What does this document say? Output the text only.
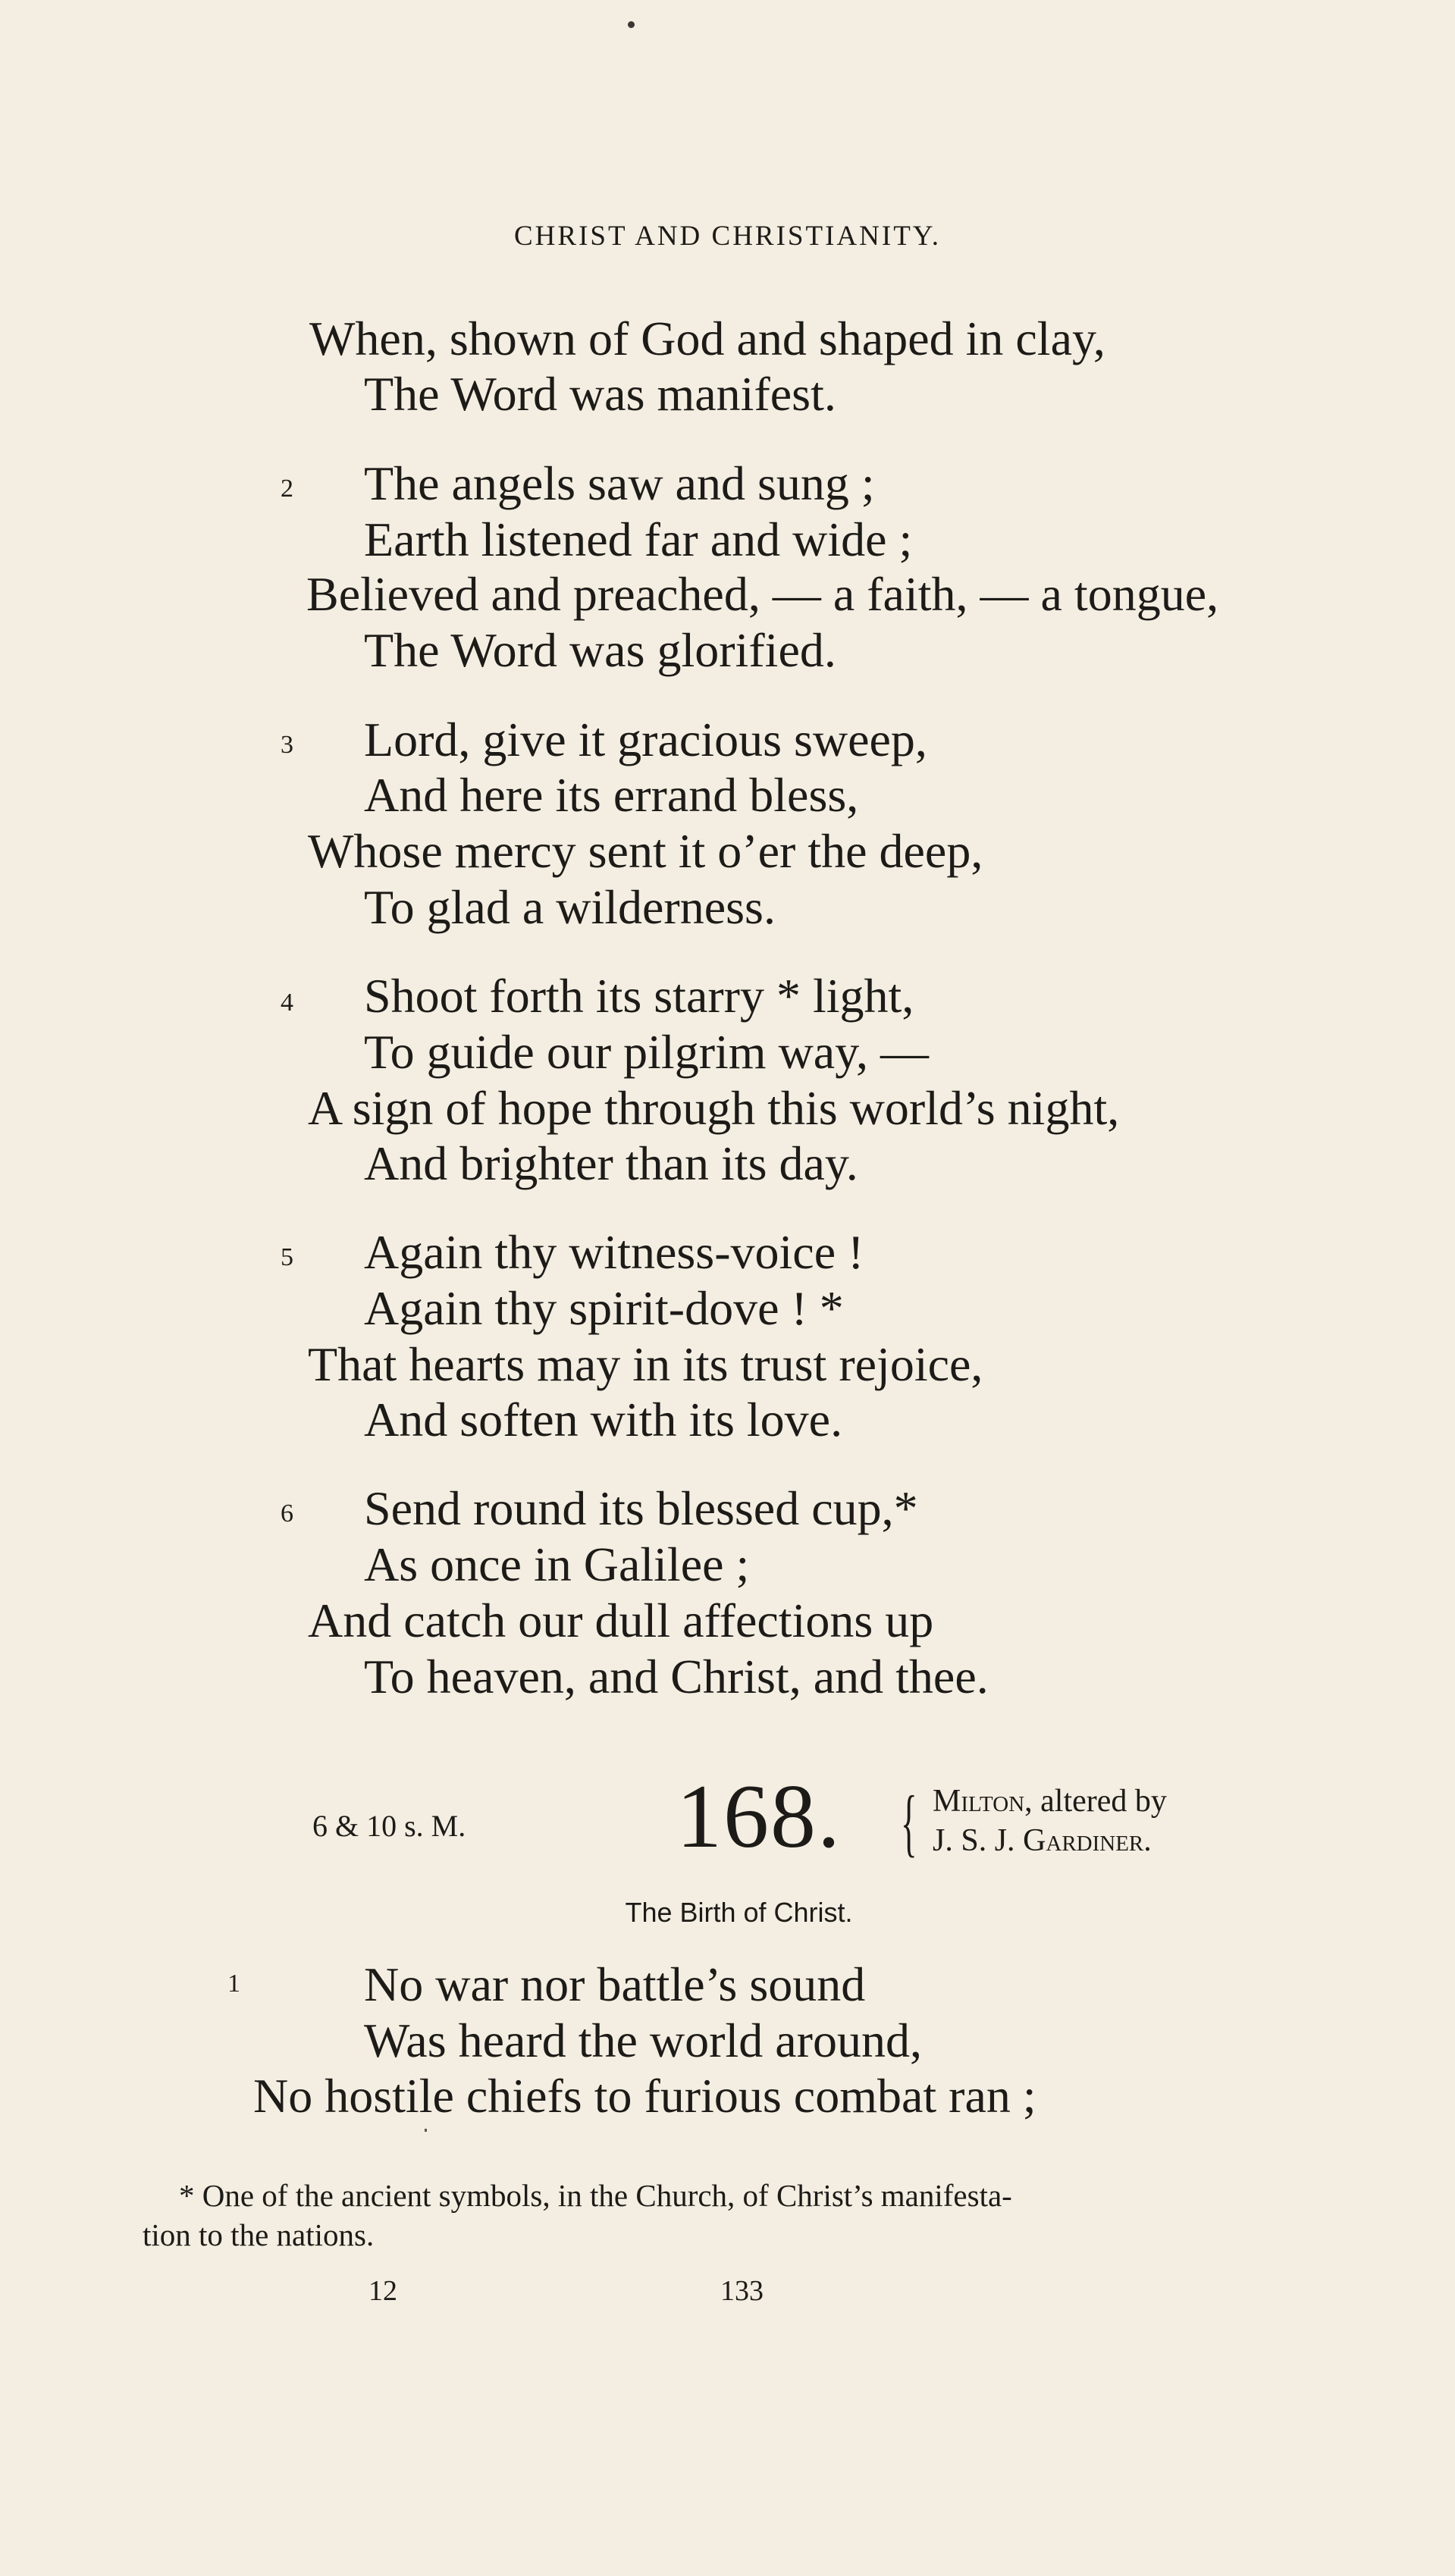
CHRIST AND CHRISTIANITY.
When, shown of God and shaped in clay,
The Word was manifest.
2 The angels saw and sung ;
Earth listened far and wide ;
Believed and preached, — a faith, — a tongue,
The Word was glorified.
3 Lord, give it gracious sweep,
And here its errand bless,
Whose mercy sent it o’er the deep,
To glad a wilderness.
4 Shoot forth its starry * light,
To guide our pilgrim way, —
A sign of hope through this world’s night,
And brighter than its day.
5 Again thy witness-voice !
Again thy spirit-dove ! *
That hearts may in its trust rejoice,
And soften with its love.
6 Send round its blessed cup,*
As once in Galilee ;
And catch our dull affections up
To heaven, and Christ, and thee.
6 & 10 s. M. 168. { Milton, altered by
J. S. J. Gardiner.
The Birth of Christ.
1	No war nor battle’s sound
Was heard the world around,
No hostile chiefs to furious combat ran ;
* One of the ancient symbols, in the Church, of Christ’s manifesta-
tion to the nations.
12	133
